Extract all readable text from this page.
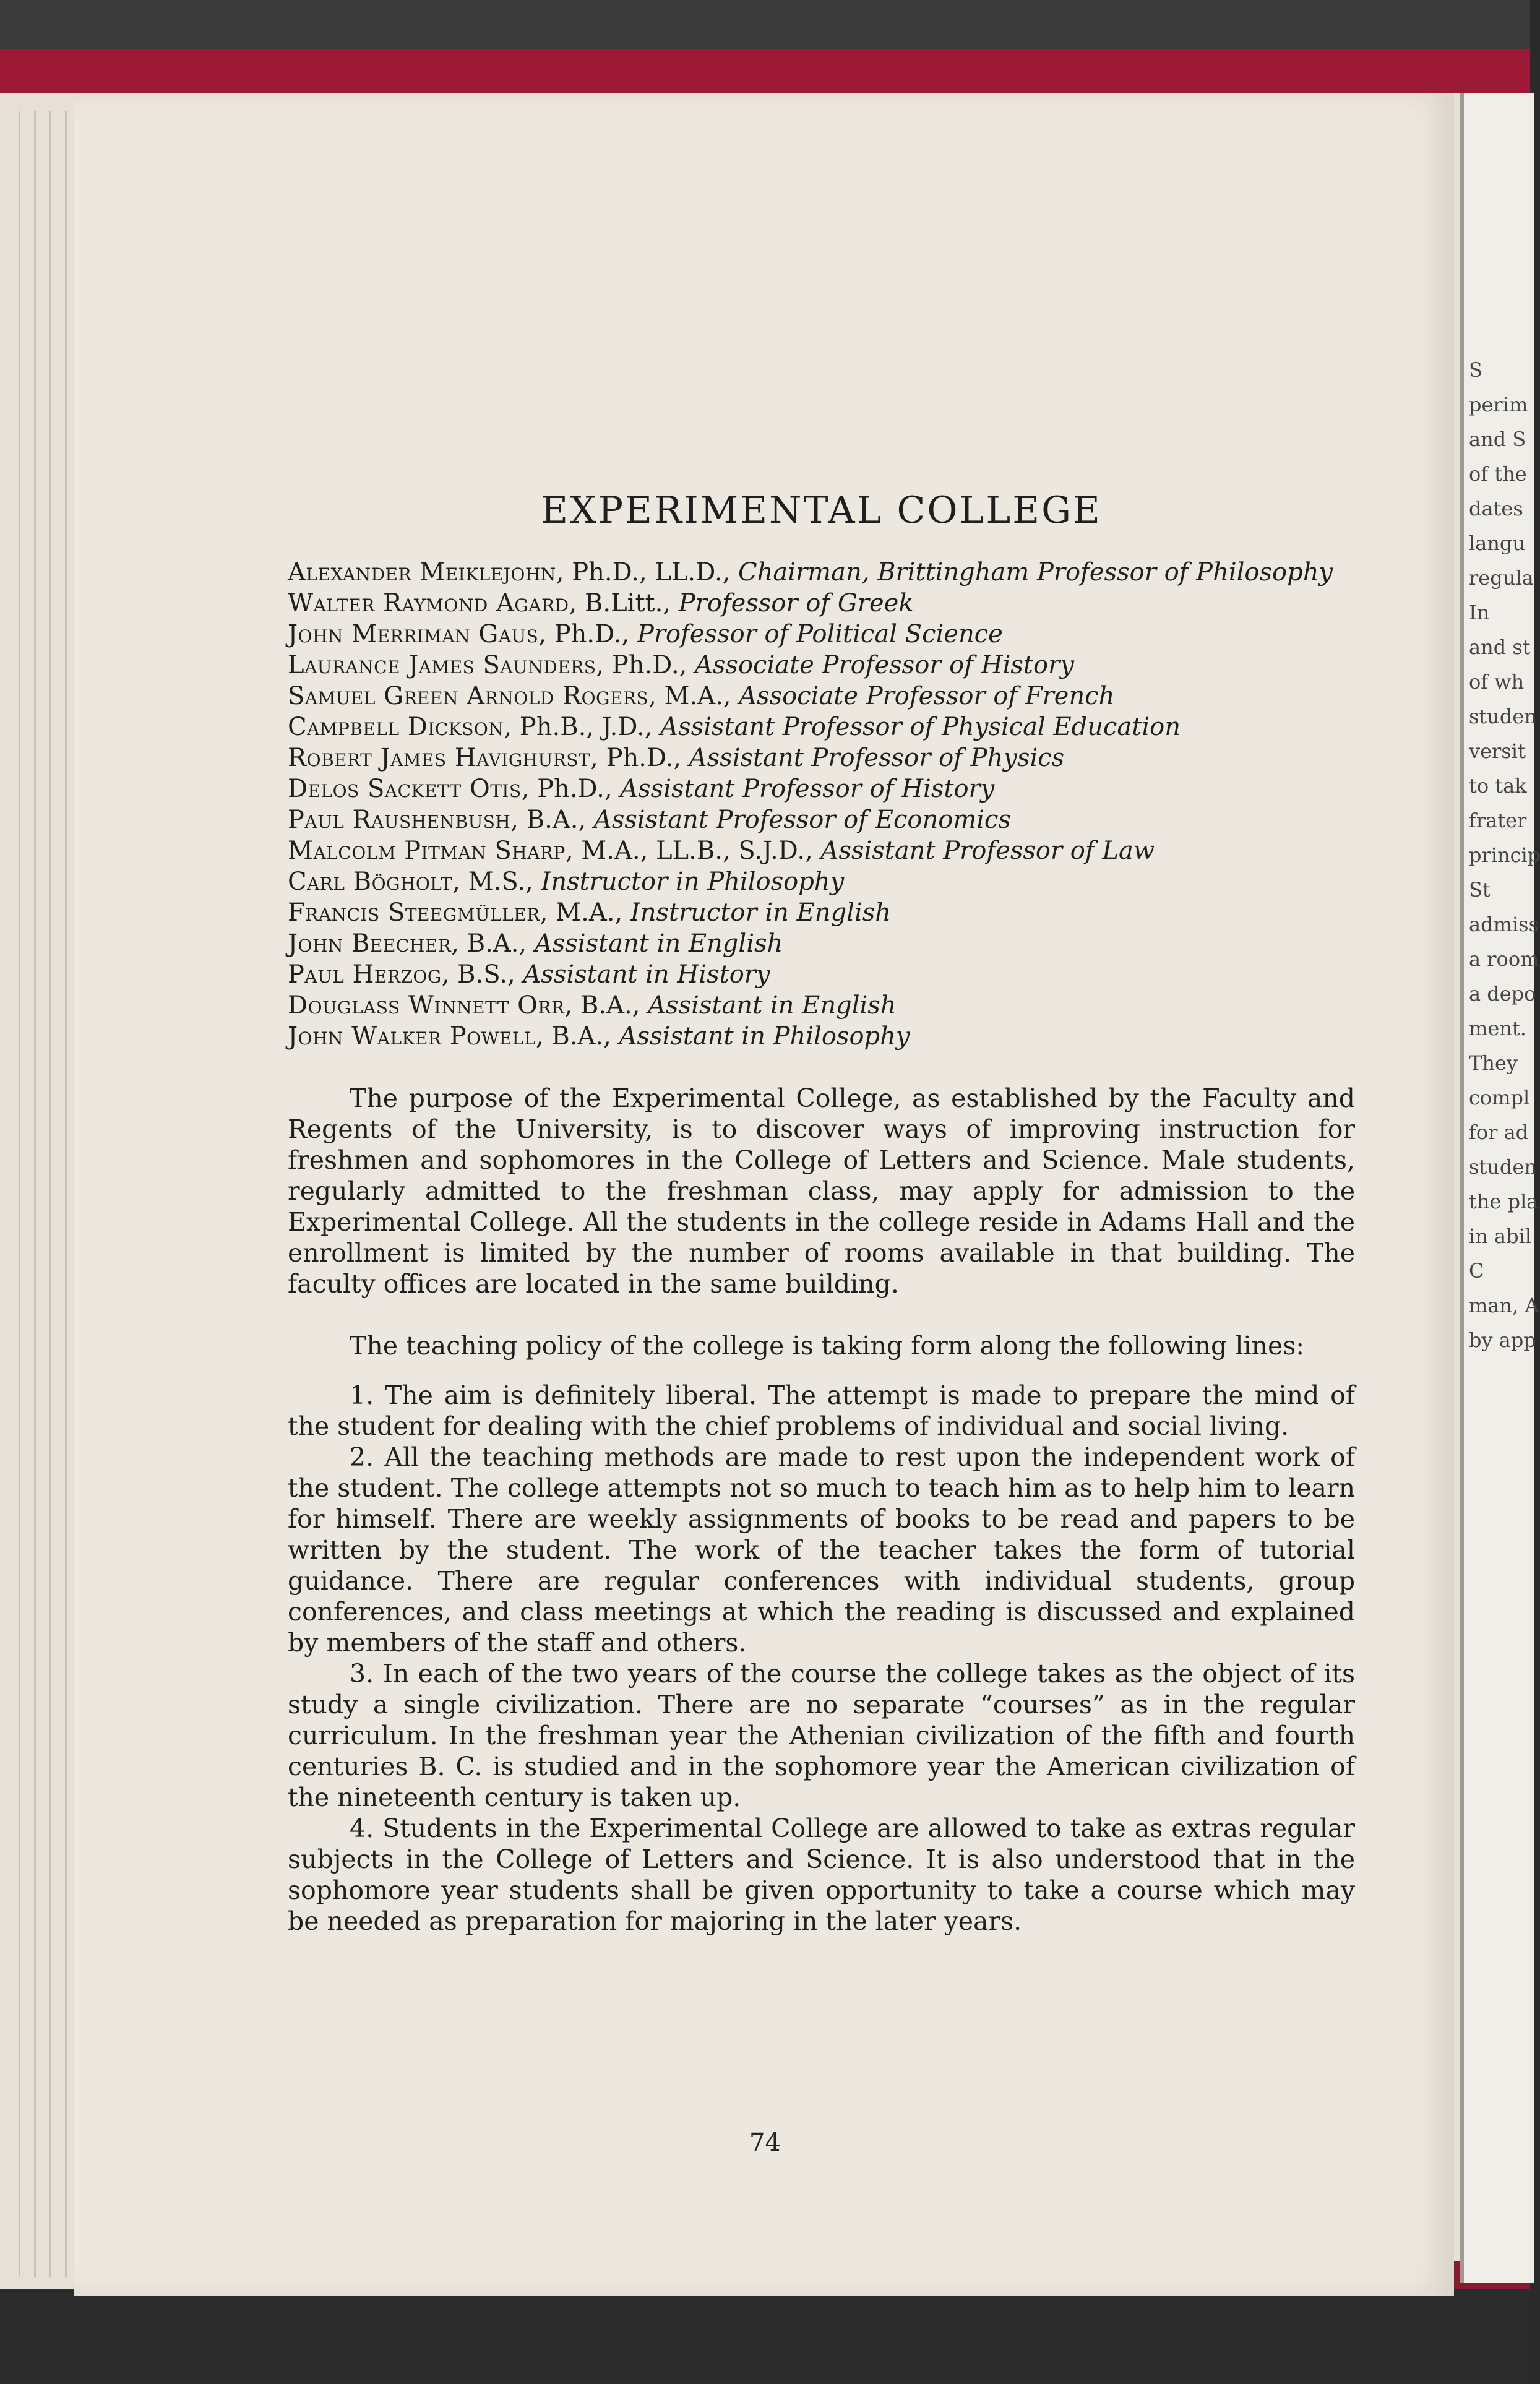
S
perim
and S
of the
dates
langu
regula
In
and st
of wh
studen
versit
to tak
frater
princip
St
admiss
a room
a depo
ment.
They
compl
for ad
studen
the pla
in abil
C
man, A
by app
EXPERIMENTAL COLLEGE
Alexander Meiklejohn, Ph.D., LL.D., Chairman, Brittingham Professor of Philosophy
Walter Raymond Agard, B.Litt., Professor of Greek
John Merriman Gaus, Ph.D., Professor of Political Science
Laurance James Saunders, Ph.D., Associate Professor of History
Samuel Green Arnold Rogers, M.A., Associate Professor of French
Campbell Dickson, Ph.B., J.D., Assistant Professor of Physical Education
Robert James Havighurst, Ph.D., Assistant Professor of Physics
Delos Sackett Otis, Ph.D., Assistant Professor of History
Paul Raushenbush, B.A., Assistant Professor of Economics
Malcolm Pitman Sharp, M.A., LL.B., S.J.D., Assistant Professor of Law
Carl Bögholt, M.S., Instructor in Philosophy
Francis Steegmüller, M.A., Instructor in English
John Beecher, B.A., Assistant in English
Paul Herzog, B.S., Assistant in History
Douglass Winnett Orr, B.A., Assistant in English
John Walker Powell, B.A., Assistant in Philosophy

The purpose of the Experimental College, as established by the Faculty and Regents of the University, is to discover ways of improving instruction for freshmen and sophomores in the College of Letters and Science. Male students, regularly admitted to the freshman class, may apply for admission to the Experimental College. All the students in the college reside in Adams Hall and the enrollment is limited by the number of rooms available in that building. The faculty offices are located in the same building.

The teaching policy of the college is taking form along the following lines:

1. The aim is definitely liberal. The attempt is made to prepare the mind of the student for dealing with the chief problems of individual and social living.

2. All the teaching methods are made to rest upon the independent work of the student. The college attempts not so much to teach him as to help him to learn for himself. There are weekly assignments of books to be read and papers to be written by the student. The work of the teacher takes the form of tutorial guidance. There are regular conferences with individual students, group conferences, and class meetings at which the reading is discussed and explained by members of the staff and others.

3. In each of the two years of the course the college takes as the object of its study a single civilization. There are no separate “courses” as in the regular curriculum. In the freshman year the Athenian civilization of the fifth and fourth centuries B. C. is studied and in the sophomore year the American civilization of the nineteenth century is taken up.

4. Students in the Experimental College are allowed to take as extras regular subjects in the College of Letters and Science. It is also understood that in the sophomore year students shall be given opportunity to take a course which may be needed as preparation for majoring in the later years.

74
